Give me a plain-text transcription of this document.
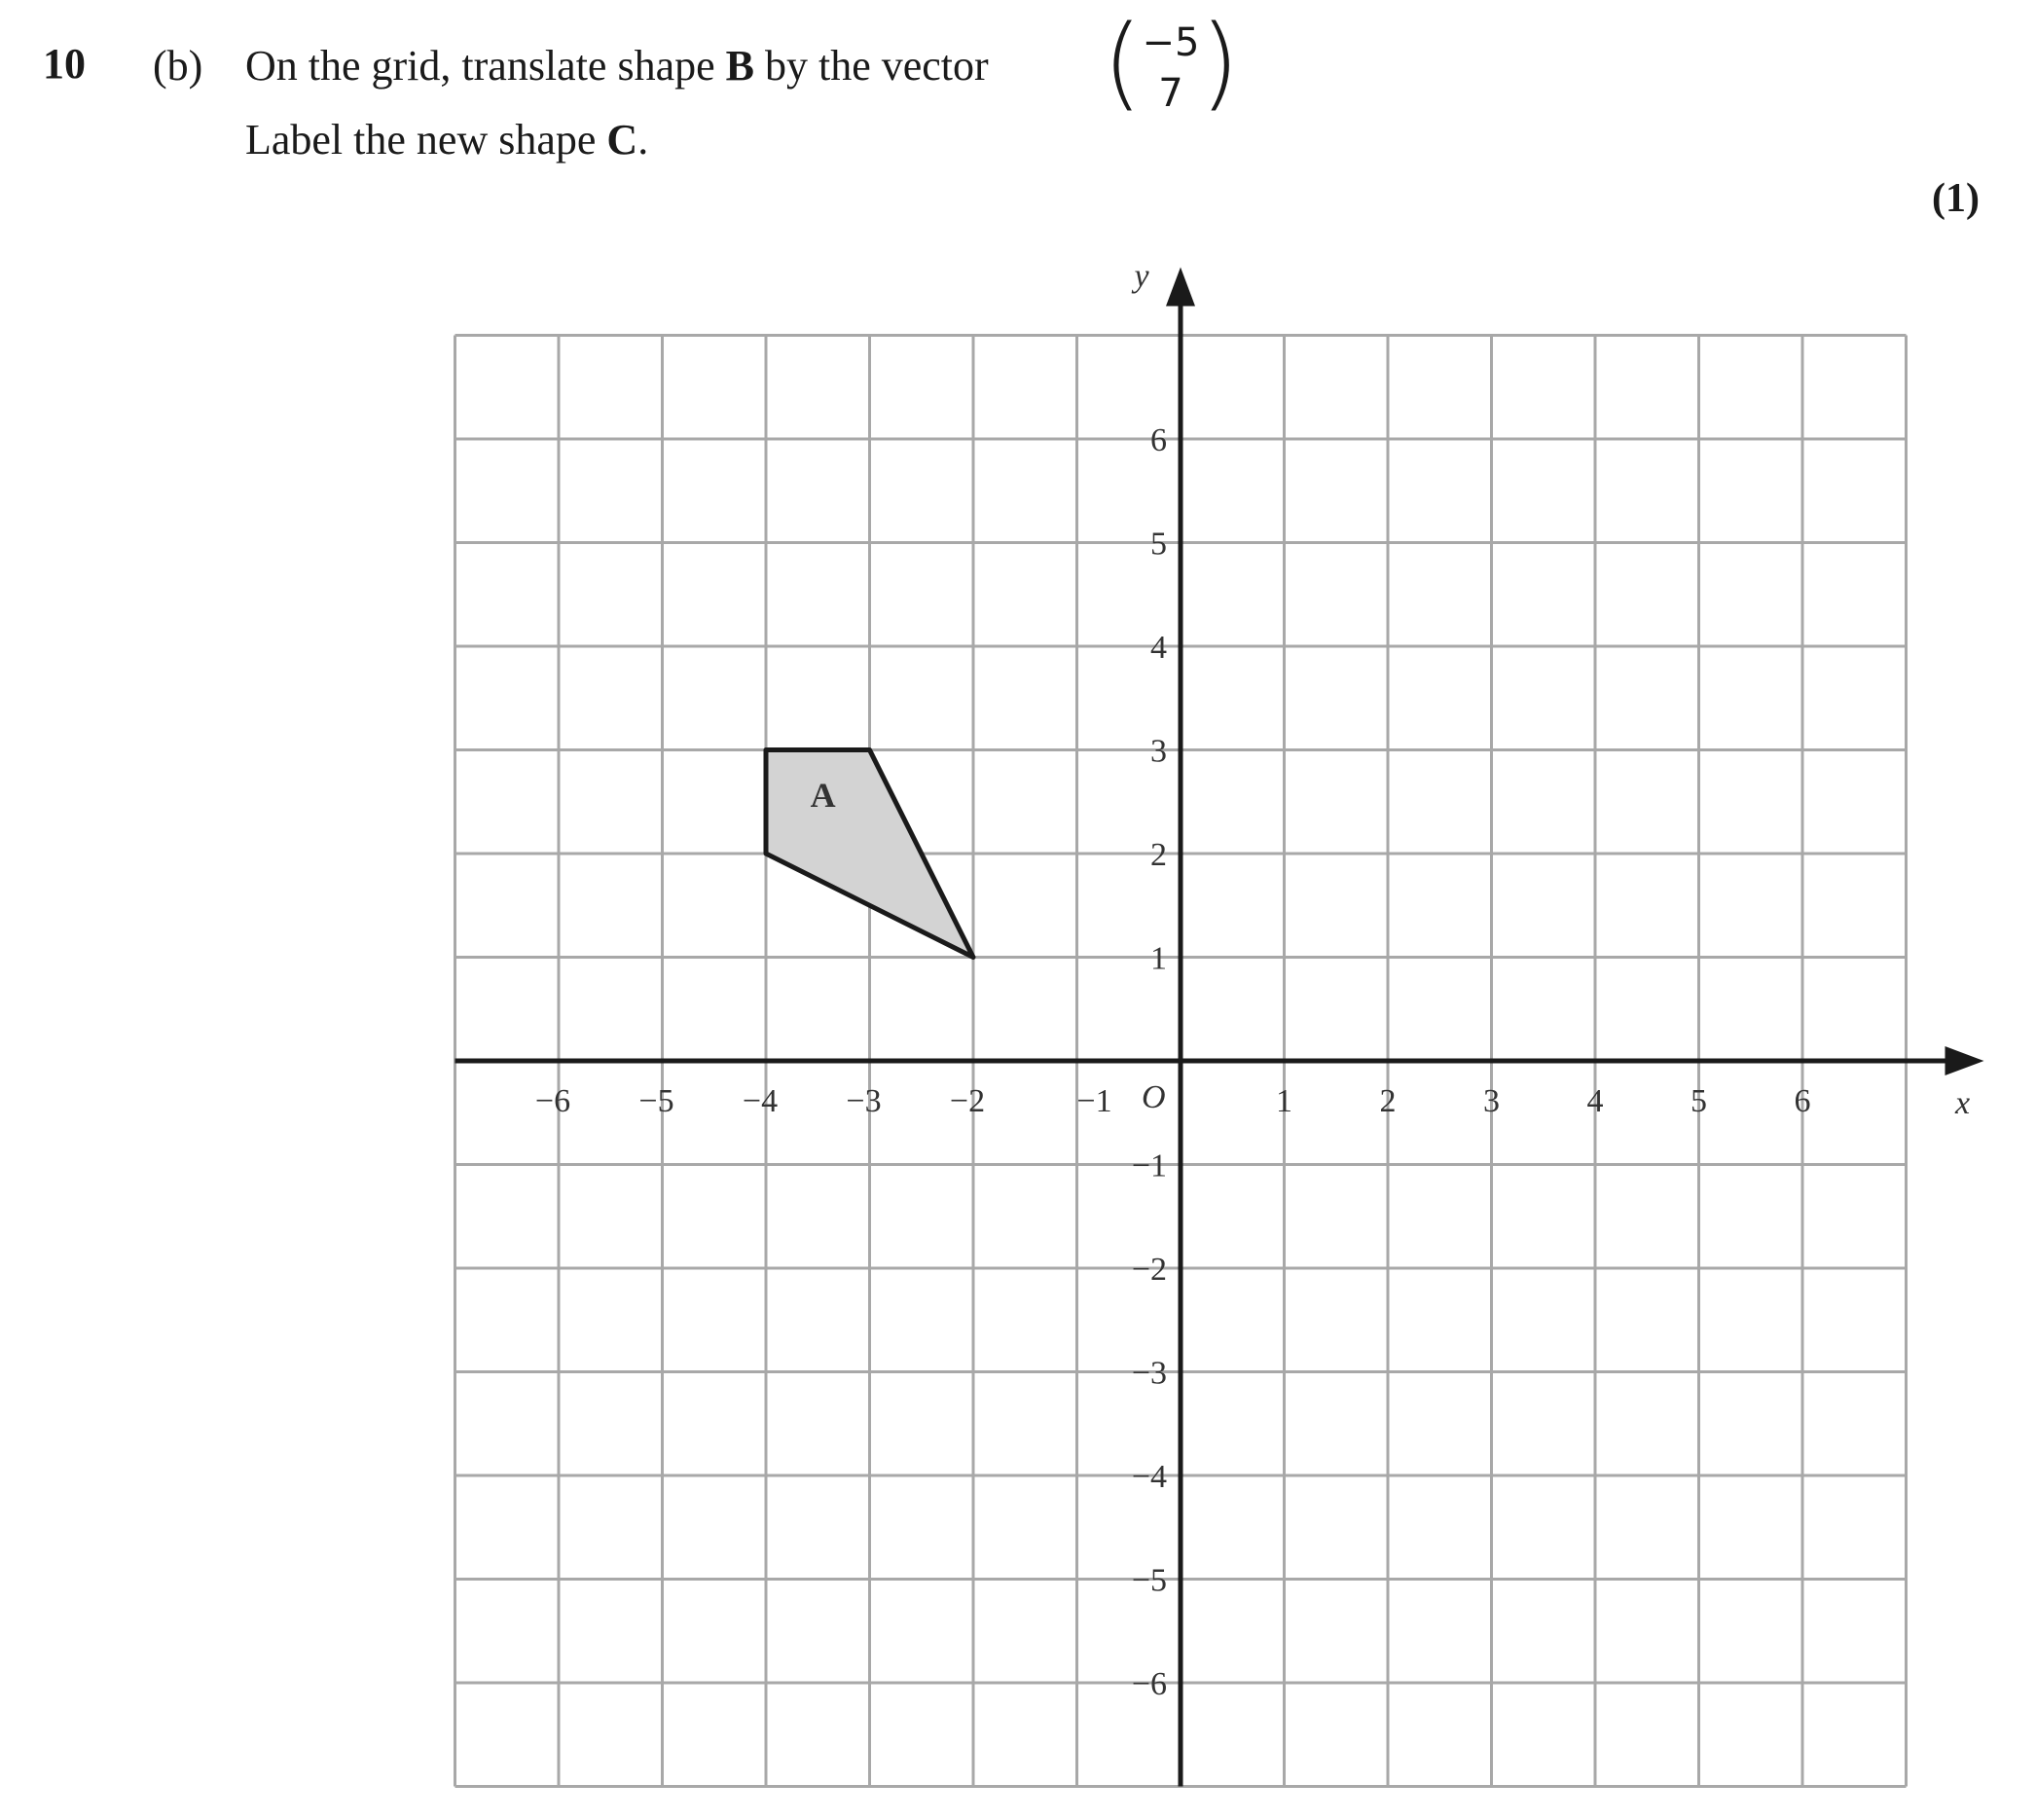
10 (b) On the grid, translate shape B by the vector ( −5
7 )
Label the new shape C.
(1)
A
−6 −5 −4 −3 −2	−1	1	2	3	4	5	6
−6
−5
−4
−3
−2
−1
1
2
3
4
5
6
O	x
y
